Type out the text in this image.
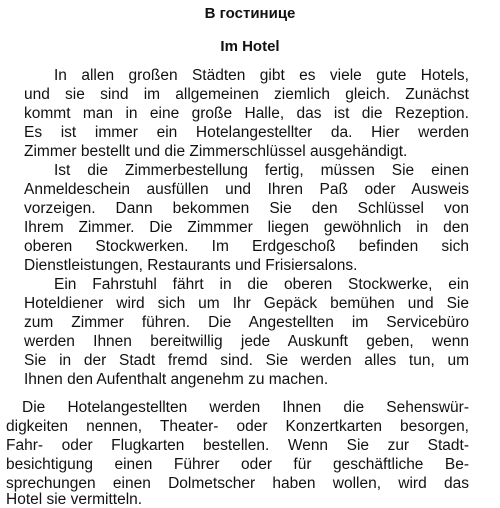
В гостинице
Im Hotel
In allen großen Städten gibt es viele gute Hotels,
und sie sind im allgemeinen ziemlich gleich. Zunächst
kommt man in eine große Halle, das ist die Rezeption.
Es ist immer ein Hotelangestellter da. Hier werden
Zimmer bestellt und die Zimmerschlüssel ausgehändigt.
Ist die Zimmerbestellung fertig, müssen Sie einen
Anmeldeschein ausfüllen und Ihren Paß oder Ausweis
vorzeigen. Dann bekommen Sie den Schlüssel von
Ihrem Zimmer. Die Zimmmer liegen gewöhnlich in den
oberen Stockwerken. Im Erdgeschoß befinden sich
Dienstleistungen, Restaurants und Frisiersalons.
Ein Fahrstuhl fährt in die oberen Stockwerke, ein
Hoteldiener wird sich um Ihr Gepäck bemühen und Sie
zum Zimmer führen. Die Angestellten im Servicebüro
werden Ihnen bereitwillig jede Auskunft geben, wenn
Sie in der Stadt fremd sind. Sie werden alles tun, um
Ihnen den Aufenthalt angenehm zu machen.
Die Hotelangestellten werden Ihnen die Sehenswür-
digkeiten nennen, Theater- oder Konzertkarten besorgen,
Fahr- oder Flugkarten bestellen. Wenn Sie zur Stadt-
besichtigung einen Führer oder für geschäftliche Be-
sprechungen einen Dolmetscher haben wollen, wird das
Hotel sie vermitteln.
